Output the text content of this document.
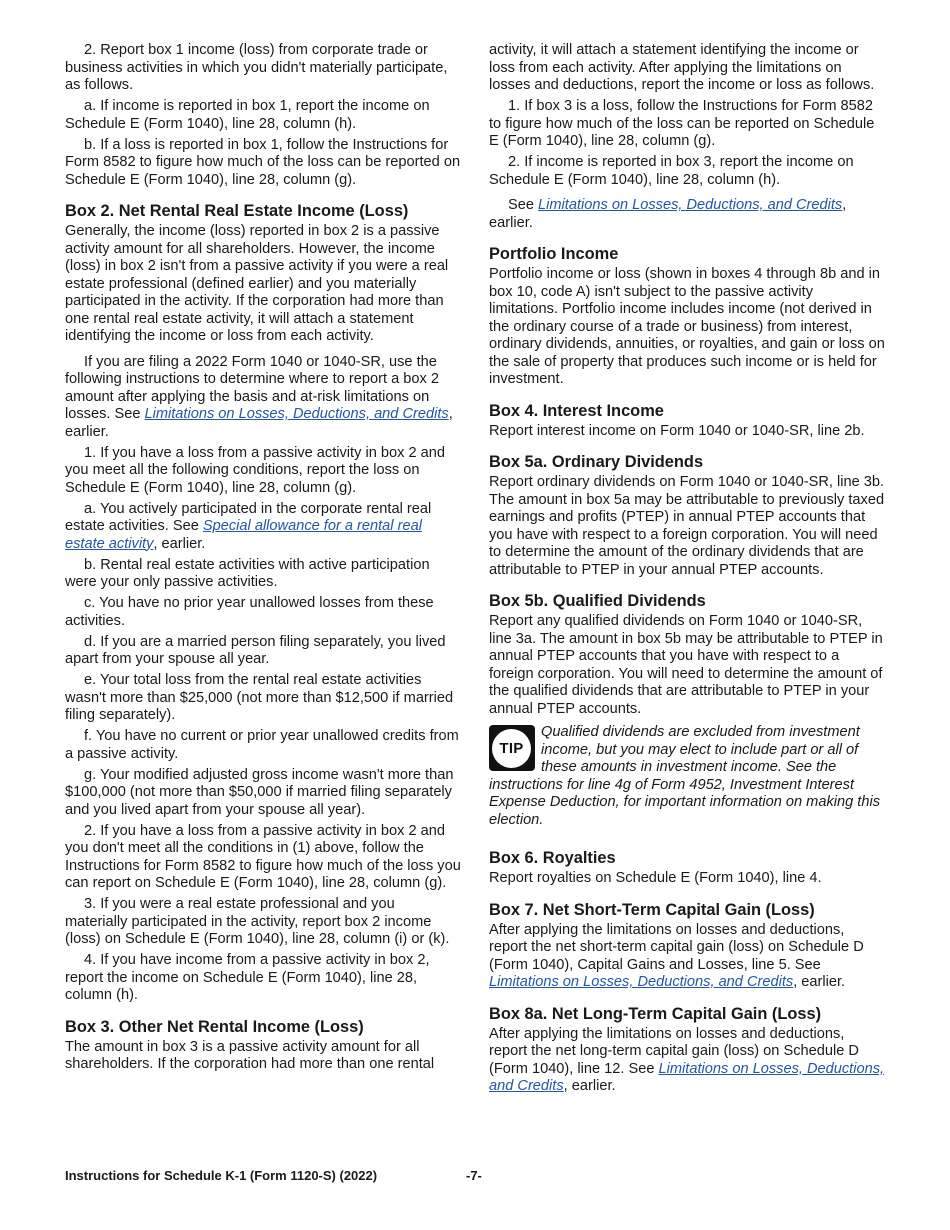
2. Report box 1 income (loss) from corporate trade or business activities in which you didn't materially participate, as follows.

a. If income is reported in box 1, report the income on Schedule E (Form 1040), line 28, column (h).

b. If a loss is reported in box 1, follow the Instructions for Form 8582 to figure how much of the loss can be reported on Schedule E (Form 1040), line 28, column (g).

Box 2. Net Rental Real Estate Income (Loss)

Generally, the income (loss) reported in box 2 is a passive activity amount for all shareholders. However, the income (loss) in box 2 isn't from a passive activity if you were a real estate professional (defined earlier) and you materially participated in the activity. If the corporation had more than one rental real estate activity, it will attach a statement identifying the income or loss from each activity.

If you are filing a 2022 Form 1040 or 1040-SR, use the following instructions to determine where to report a box 2 amount after applying the basis and at-risk limitations on losses. See Limitations on Losses, Deductions, and Credits, earlier.

1. If you have a loss from a passive activity in box 2 and you meet all the following conditions, report the loss on Schedule E (Form 1040), line 28, column (g).

a. You actively participated in the corporate rental real estate activities. See Special allowance for a rental real estate activity, earlier.

b. Rental real estate activities with active participation were your only passive activities.

c. You have no prior year unallowed losses from these activities.

d. If you are a married person filing separately, you lived apart from your spouse all year.

e. Your total loss from the rental real estate activities wasn't more than $25,000 (not more than $12,500 if married filing separately).

f. You have no current or prior year unallowed credits from a passive activity.

g. Your modified adjusted gross income wasn't more than $100,000 (not more than $50,000 if married filing separately and you lived apart from your spouse all year).

2. If you have a loss from a passive activity in box 2 and you don't meet all the conditions in (1) above, follow the Instructions for Form 8582 to figure how much of the loss you can report on Schedule E (Form 1040), line 28, column (g).

3. If you were a real estate professional and you materially participated in the activity, report box 2 income (loss) on Schedule E (Form 1040), line 28, column (i) or (k).

4. If you have income from a passive activity in box 2, report the income on Schedule E (Form 1040), line 28, column (h).

Box 3. Other Net Rental Income (Loss)

The amount in box 3 is a passive activity amount for all shareholders. If the corporation had more than one rental

activity, it will attach a statement identifying the income or loss from each activity. After applying the limitations on losses and deductions, report the income or loss as follows.

1. If box 3 is a loss, follow the Instructions for Form 8582 to figure how much of the loss can be reported on Schedule E (Form 1040), line 28, column (g).

2. If income is reported in box 3, report the income on Schedule E (Form 1040), line 28, column (h).

See Limitations on Losses, Deductions, and Credits, earlier.

Portfolio Income

Portfolio income or loss (shown in boxes 4 through 8b and in box 10, code A) isn't subject to the passive activity limitations. Portfolio income includes income (not derived in the ordinary course of a trade or business) from interest, ordinary dividends, annuities, or royalties, and gain or loss on the sale of property that produces such income or is held for investment.

Box 4. Interest Income

Report interest income on Form 1040 or 1040-SR, line 2b.

Box 5a. Ordinary Dividends

Report ordinary dividends on Form 1040 or 1040-SR, line 3b. The amount in box 5a may be attributable to previously taxed earnings and profits (PTEP) in annual PTEP accounts that you have with respect to a foreign corporation. You will need to determine the amount of the ordinary dividends that are attributable to PTEP in your annual PTEP accounts.

Box 5b. Qualified Dividends

Report any qualified dividends on Form 1040 or 1040-SR, line 3a. The amount in box 5b may be attributable to PTEP in annual PTEP accounts that you have with respect to a foreign corporation. You will need to determine the amount of the qualified dividends that are attributable to PTEP in your annual PTEP accounts.

TIP
Qualified dividends are excluded from investment income, but you may elect to include part or all of these amounts in investment income. See the instructions for line 4g of Form 4952, Investment Interest Expense Deduction, for important information on making this election.
Box 6. Royalties

Report royalties on Schedule E (Form 1040), line 4.

Box 7. Net Short-Term Capital Gain (Loss)

After applying the limitations on losses and deductions, report the net short-term capital gain (loss) on Schedule D (Form 1040), Capital Gains and Losses, line 5. See Limitations on Losses, Deductions, and Credits, earlier.

Box 8a. Net Long-Term Capital Gain (Loss)

After applying the limitations on losses and deductions, report the net long-term capital gain (loss) on Schedule D (Form 1040), line 12. See Limitations on Losses, Deductions, and Credits, earlier.

Instructions for Schedule K-1 (Form 1120-S) (2022)	-7-
